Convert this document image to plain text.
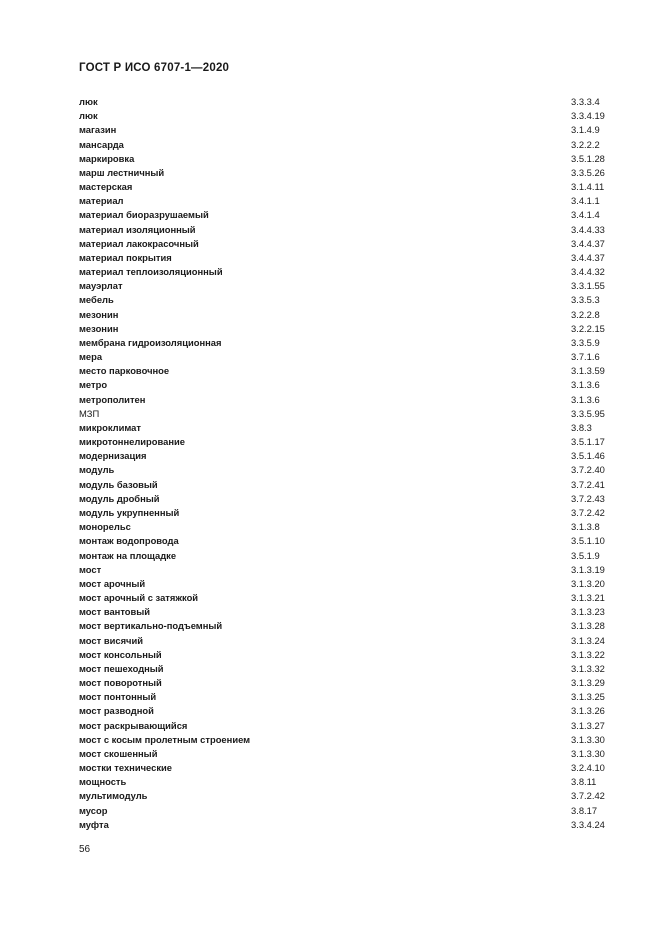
ГОСТ Р ИСО 6707-1—2020
люк	3.3.3.4
люк	3.3.4.19
магазин	3.1.4.9
мансарда	3.2.2.2
маркировка	3.5.1.28
марш лестничный	3.3.5.26
мастерская	3.1.4.11
материал	3.4.1.1
материал биоразрушаемый	3.4.1.4
материал изоляционный	3.4.4.33
материал лакокрасочный	3.4.4.37
материал покрытия	3.4.4.37
материал теплоизоляционный	3.4.4.32
мауэрлат	3.3.1.55
мебель	3.3.5.3
мезонин	3.2.2.8
мезонин	3.2.2.15
мембрана гидроизоляционная	3.3.5.9
мера	3.7.1.6
место парковочное	3.1.3.59
метро	3.1.3.6
метрополитен	3.1.3.6
МЗП	3.3.5.95
микроклимат	3.8.3
микротоннелирование	3.5.1.17
модернизация	3.5.1.46
модуль	3.7.2.40
модуль базовый	3.7.2.41
модуль дробный	3.7.2.43
модуль укрупненный	3.7.2.42
монорельс	3.1.3.8
монтаж водопровода	3.5.1.10
монтаж на площадке	3.5.1.9
мост	3.1.3.19
мост арочный	3.1.3.20
мост арочный с затяжкой	3.1.3.21
мост вантовый	3.1.3.23
мост вертикально-подъемный	3.1.3.28
мост висячий	3.1.3.24
мост консольный	3.1.3.22
мост пешеходный	3.1.3.32
мост поворотный	3.1.3.29
мост понтонный	3.1.3.25
мост разводной	3.1.3.26
мост раскрывающийся	3.1.3.27
мост с косым пролетным строением	3.1.3.30
мост скошенный	3.1.3.30
мостки технические	3.2.4.10
мощность	3.8.11
мультимодуль	3.7.2.42
мусор	3.8.17
муфта	3.3.4.24
56
